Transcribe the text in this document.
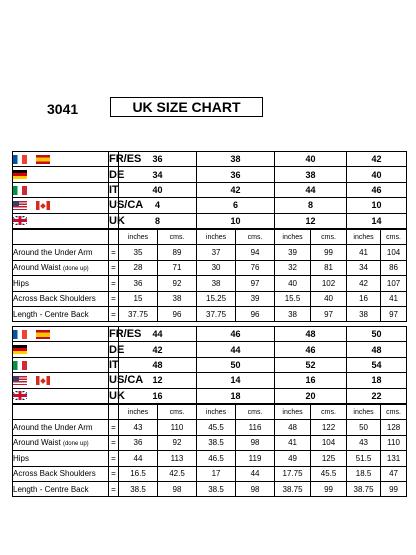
3041	UK SIZE CHART
	FR/ES	36		38		40		42	
	DE	34		36		38		40	
	IT	40		42		44		46	
	US/CA	4		6		8		10	
	UK	8		10		12		14	
		inches	cms.	inches	cms.	inches	cms.	inches	cms.
Around the Under Arm	=	35	89	37	94	39	99	41	104
Around Waist (done up)	=	28	71	30	76	32	81	34	86
Hips	=	36	92	38	97	40	102	42	107
Across Back Shoulders	=	15	38	15.25	39	15.5	40	16	41
Length - Centre Back	=	37.75	96	37.75	96	38	97	38	97
	FR/ES	44		46		48		50	
	DE	42		44		46		48	
	IT	48		50		52		54	
	US/CA	12		14		16		18	
	UK	16		18		20		22	
		inches	cms.	inches	cms.	inches	cms.	inches	cms.
Around the Under Arm	=	43	110	45.5	116	48	122	50	128
Around Waist (done up)	=	36	92	38.5	98	41	104	43	110
Hips	=	44	113	46.5	119	49	125	51.5	131
Across Back Shoulders	=	16.5	42.5	17	44	17.75	45.5	18.5	47
Length - Centre Back	=	38.5	98	38.5	98	38.75	99	38.75	99
